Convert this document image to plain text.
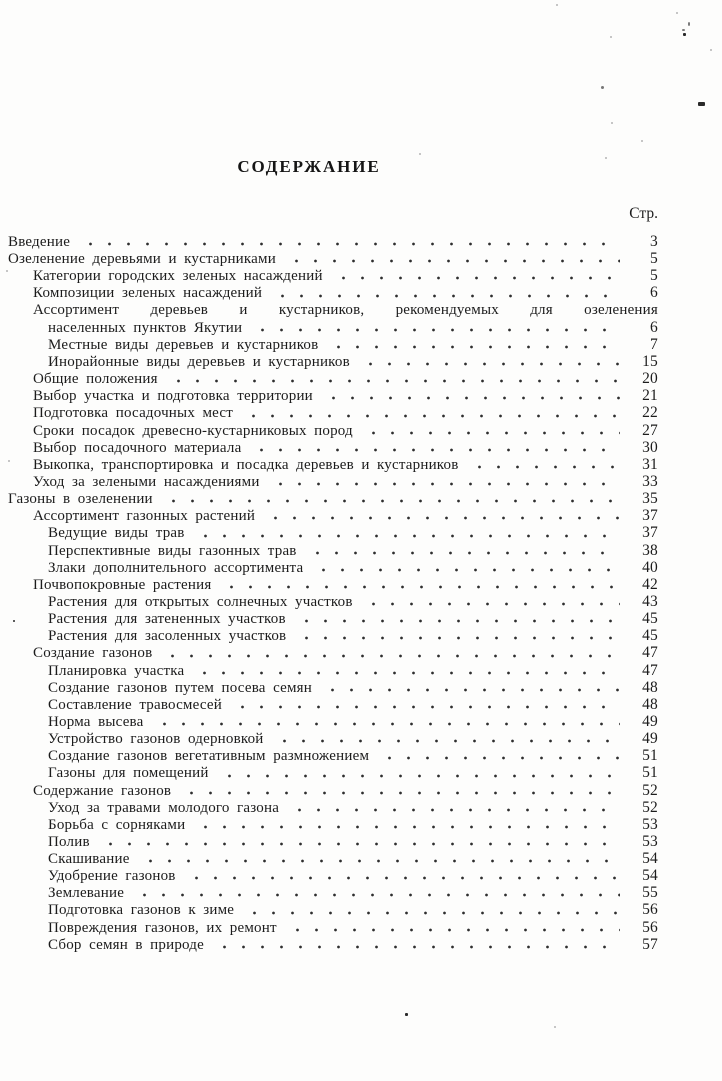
СОДЕРЖАНИЕ
Стр.
Введение	3
Озеленение деревьями и кустарниками	5
Категории городских зеленых насаждений	5
Композиции зеленых насаждений	6
Ассортимент деревьев и кустарников, рекомендуемых для озеленения
населенных пунктов Якутии	6
Местные виды деревьев и кустарников	7
Инорайонные виды деревьев и кустарников	15
Общие положения	20
Выбор участка и подготовка территории	21
Подготовка посадочных мест	22
Сроки посадок древесно-кустарниковых пород	27
Выбор посадочного материала	30
Выкопка, транспортировка и посадка деревьев и кустарников	31
Уход за зелеными насаждениями	33
Газоны в озеленении	35
Ассортимент газонных растений	37
Ведущие виды трав	37
Перспективные виды газонных трав	38
Злаки дополнительного ассортимента	40
Почвопокровные растения	42
Растения для открытых солнечных участков	43
Растения для затененных участков	45
Растения для засоленных участков	45
Создание газонов	47
Планировка участка	47
Создание газонов путем посева семян	48
Составление травосмесей	48
Норма высева	49
Устройство газонов одерновкой	49
Создание газонов вегетативным размножением	51
Газоны для помещений	51
Содержание газонов	52
Уход за травами молодого газона	52
Борьба с сорняками	53
Полив	53
Скашивание	54
Удобрение газонов	54
Землевание	55
Подготовка газонов к зиме	56
Повреждения газонов, их ремонт	56
Сбор семян в природе	57
